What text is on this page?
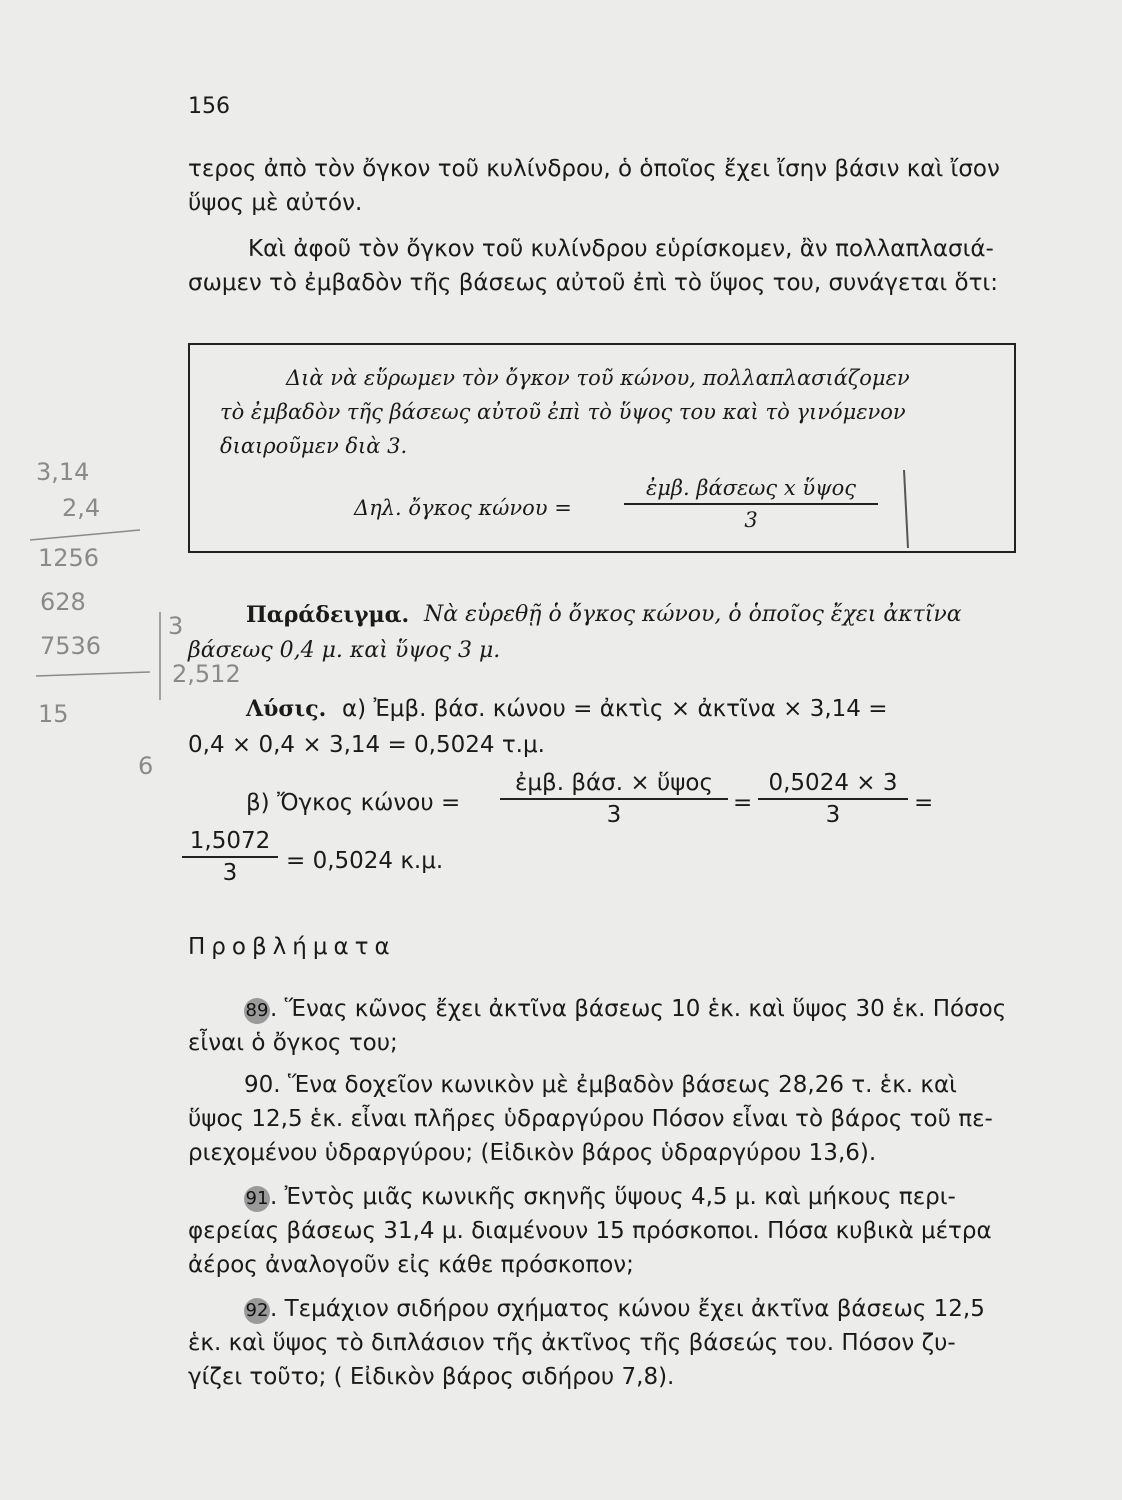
156
τερος ἀπὸ τὸν ὄγκον τοῦ κυλίνδρου, ὁ ὁποῖος ἔχει ἴσην βάσιν καὶ ἴσον
ὕψος μὲ αὐτόν.
Καὶ ἀφοῦ τὸν ὄγκον τοῦ κυλίνδρου εὑρίσκομεν, ἂν πολλαπλασιά-
σωμεν τὸ ἐμβαδὸν τῆς βάσεως αὐτοῦ ἐπὶ τὸ ὕψος του, συνάγεται ὅτι:
Διὰ νὰ εὕρωμεν τὸν ὄγκον τοῦ κώνου, πολλαπλασιάζομεν
τὸ ἐμβαδὸν τῆς βάσεως αὐτοῦ ἐπὶ τὸ ὕψος του καὶ τὸ γινόμενον
διαιροῦμεν διὰ 3.
Δηλ. ὄγκος κώνου =
ἐμβ. βάσεως x ὕψος
3
Παράδειγμα. Νὰ εὑρεθῇ ὁ ὄγκος κώνου, ὁ ὁποῖος ἔχει ἀκτῖνα
βάσεως 0,4 μ. καὶ ὕψος 3 μ.
Λύσις. α) Ἐμβ. βάσ. κώνου = ἀκτὶς × ἀκτῖνα × 3,14 =
0,4 × 0,4 × 3,14 = 0,5024 τ.μ.
β) Ὄγκος κώνου =
ἐμβ. βάσ. × ὕψος
3	= $\frac{0,5024 \times 3}{3}$ =
$\frac{1,5072}{3} = 0,5024$ κ.μ.
Προβλήματα
89. Ἕνας κῶνος ἔχει ἀκτῖνα βάσεως 10 ἑκ. καὶ ὕψος 30 ἑκ. Πόσος
εἶναι ὁ ὄγκος του;
90. Ἕνα δοχεῖον κωνικὸν μὲ ἐμβαδὸν βάσεως 28,26 τ. ἑκ. καὶ
ὕψος 12,5 ἑκ. εἶναι πλῆρες ὑδραργύρου Πόσον εἶναι τὸ βάρος τοῦ πε-
ριεχομένου ὑδραργύρου; (Εἰδικὸν βάρος ὑδραργύρου 13,6).
91. Ἐντὸς μιᾶς κωνικῆς σκηνῆς ὕψους 4,5 μ. καὶ μήκους περι-
φερείας βάσεως 31,4 μ. διαμένουν 15 πρόσκοποι. Πόσα κυβικὰ μέτρα
ἀέρος ἀναλογοῦν εἰς κάθε πρόσκοπον;
92. Τεμάχιον σιδήρου σχήματος κώνου ἔχει ἀκτῖνα βάσεως 12,5
ἑκ. καὶ ὕψος τὸ διπλάσιον τῆς ἀκτῖνος τῆς βάσεώς του. Πόσον ζυ-
γίζει τοῦτο; ( Εἰδικὸν βάρος σιδήρου 7,8).
3,14
2,4
1256
628
7536
15
2,512
3
6
